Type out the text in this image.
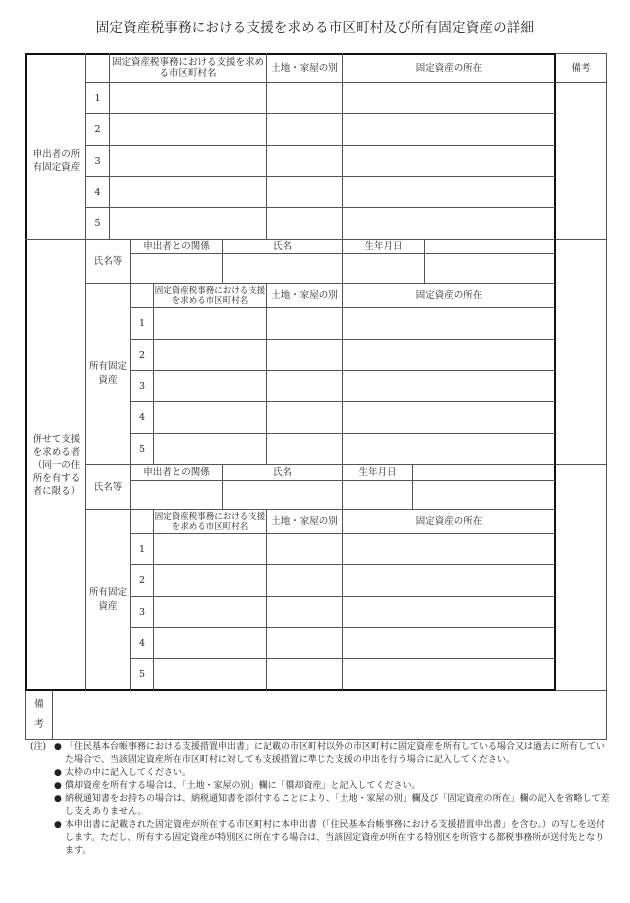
固定資産税事務における支援を求める市区町村及び所有固定資産の詳細
固定資産税事務における支援を求める市区町村名	土地・家屋の別	固定資産の所在	備考
申出者の所有固定資産
1
2
3
4
5
併せて支援を求める者（同一の住所を有する者に限る）
氏名等
申出者との関係	氏名	生年月日
所有固定資産
固定資産税事務における支援を求める市区町村名	土地・家屋の別	固定資産の所在
1
2
3
4
5
氏名等
申出者との関係	氏名	生年月日
所有固定資産
固定資産税事務における支援を求める市区町村名	土地・家屋の別	固定資産の所在
1
2
3
4
5
備考
(注) ● 「住民基本台帳事務における支援措置申出書」に記載の市区町村以外の市区町村に固定資産を所有している場合又は過去に所有していた場合で、当該固定資産所在市区町村に対しても支援措置に準じた支援の申出を行う場合に記入してください。
● 太枠の中に記入してください。
● 償却資産を所有する場合は、「土地・家屋の別」欄に「償却資産」と記入してください。
● 納税通知書をお持ちの場合は、納税通知書を添付することにより、「土地・家屋の別」欄及び「固定資産の所在」欄の記入を省略して差し支えありません。
● 本申出書に記載された固定資産が所在する市区町村に本申出書（「住民基本台帳事務における支援措置申出書」を含む。）の写しを送付します。ただし、所有する固定資産が特別区に所在する場合は、当該固定資産が所在する特別区を所管する都税事務所が送付先となります。
